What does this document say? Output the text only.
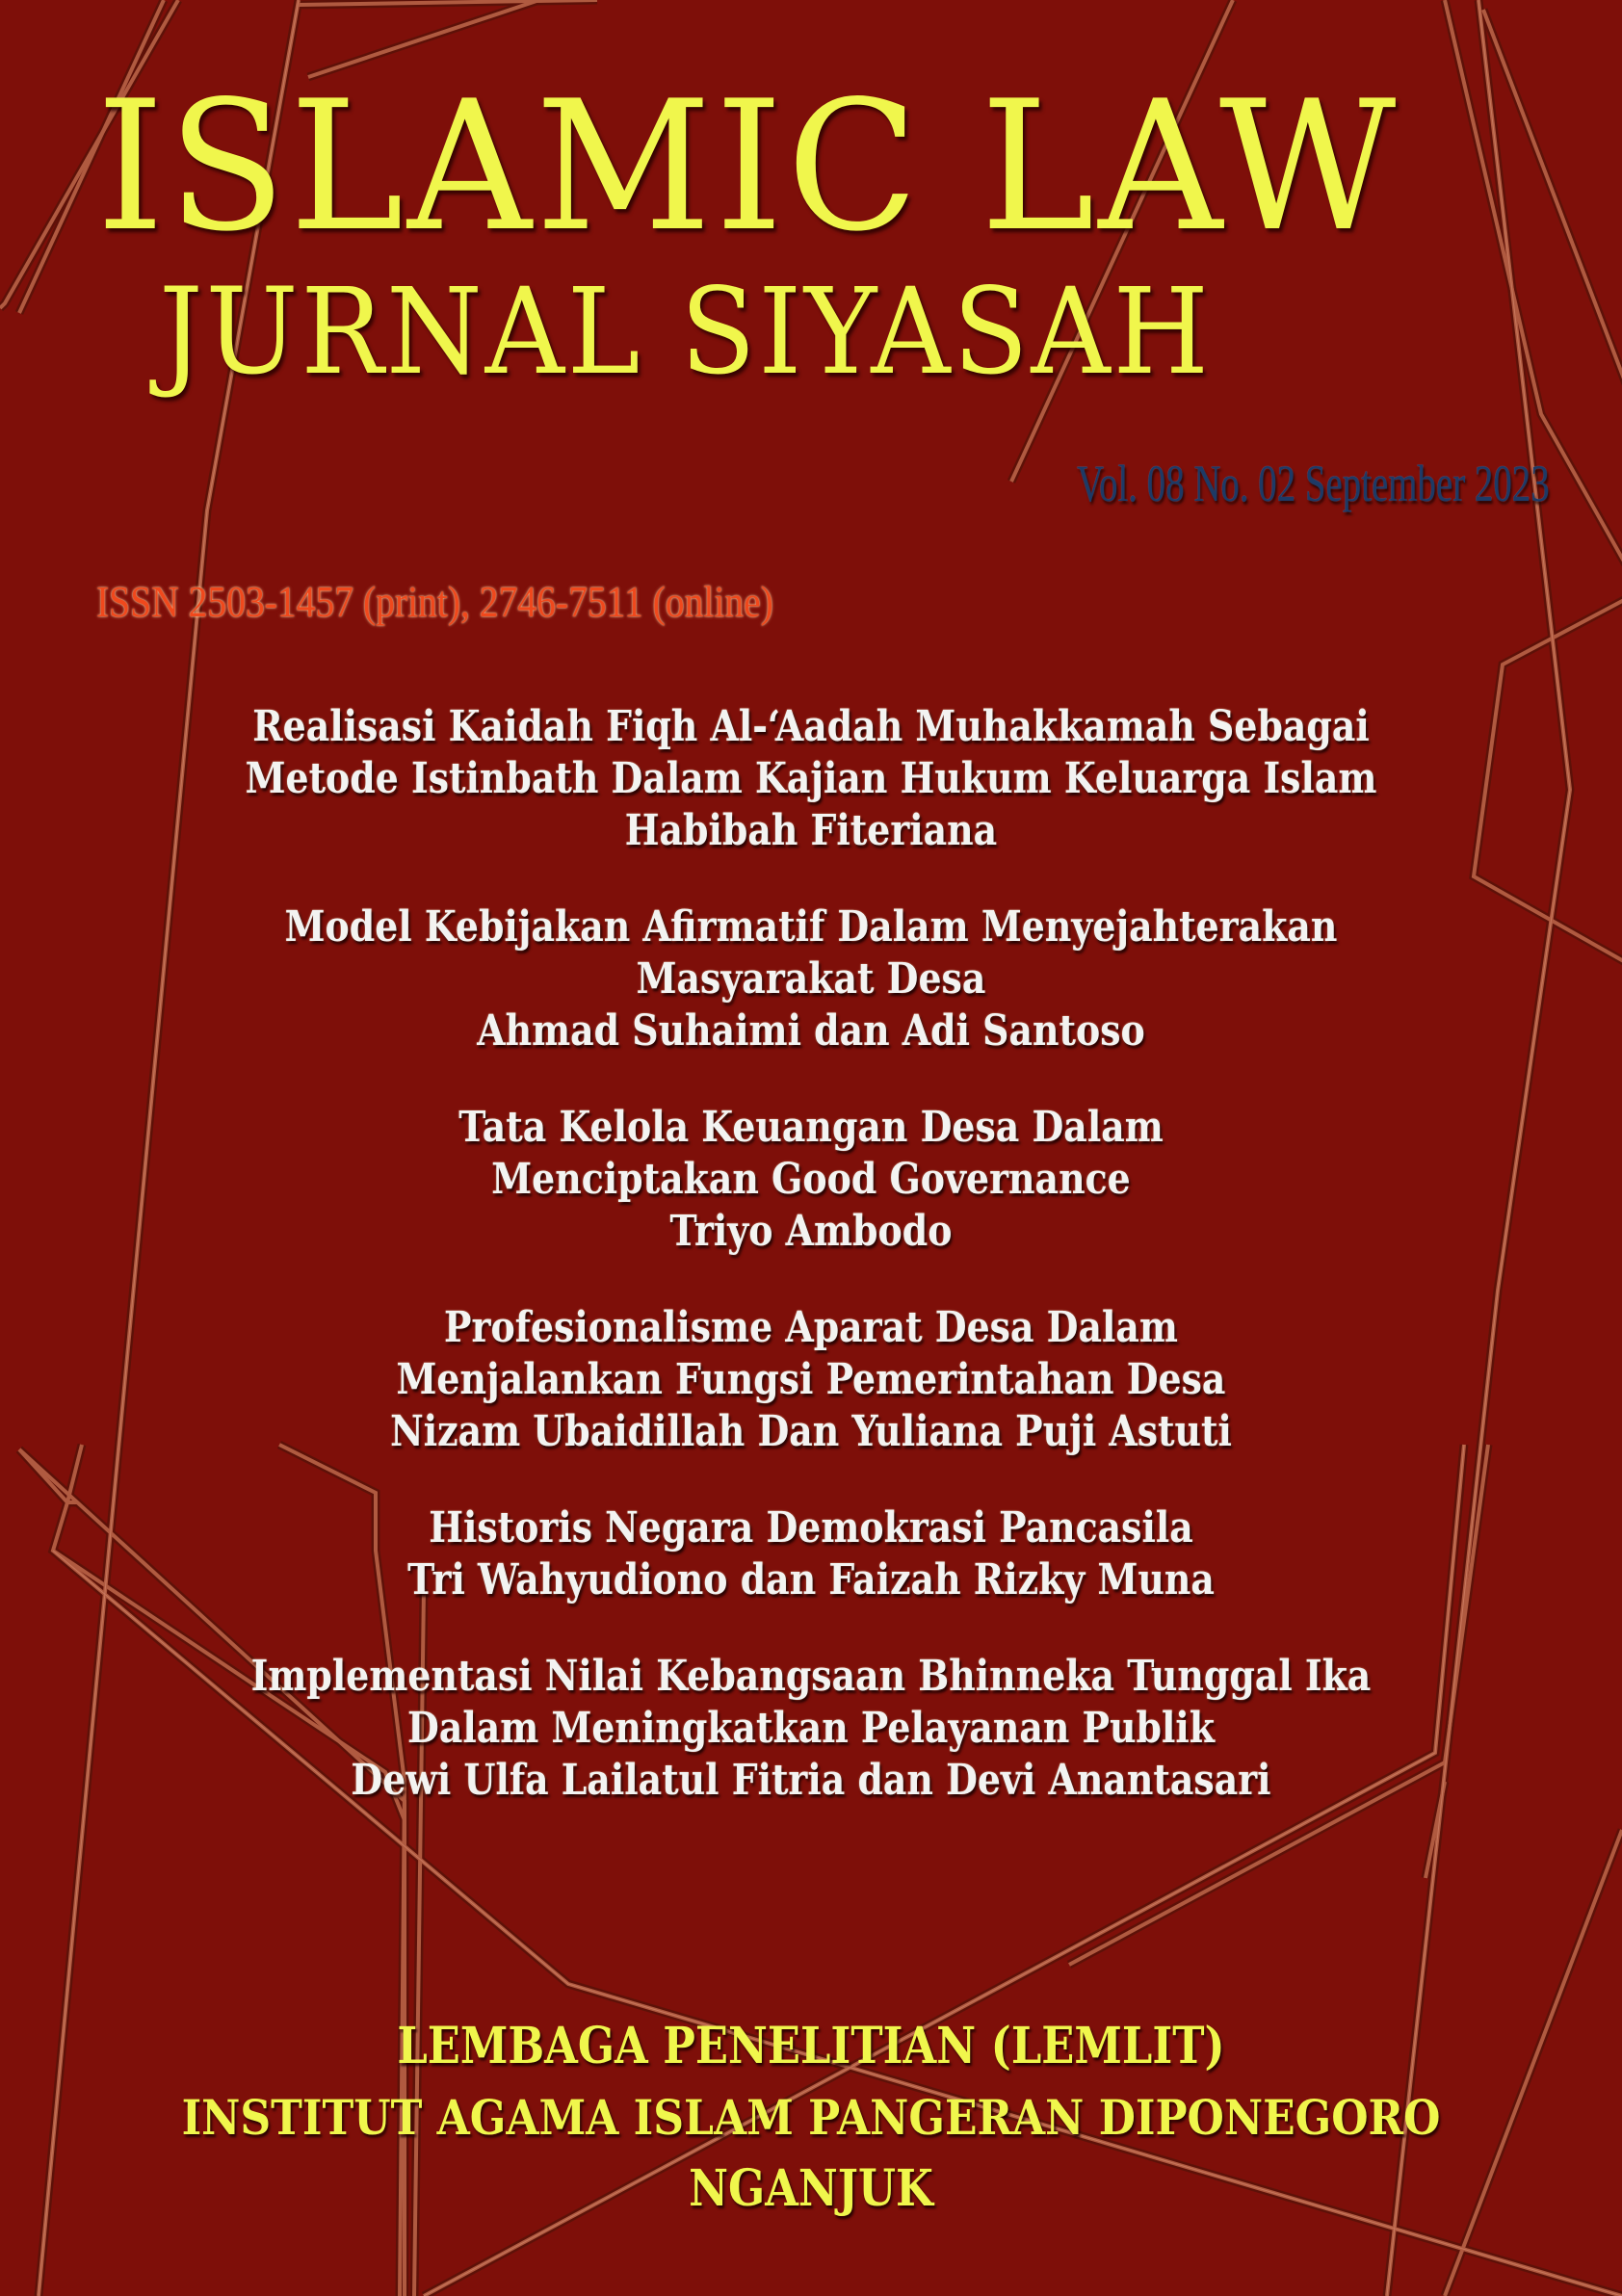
ISLAMIC LAW
JURNAL SIYASAH
Vol. 08 No. 02 September 2023
ISSN 2503-1457 (print), 2746-7511 (online)
Realisasi Kaidah Fiqh Al-‘Aadah Muhakkamah Sebagai
Metode Istinbath Dalam Kajian Hukum Keluarga Islam
Habibah Fiteriana
Model Kebijakan Afirmatif Dalam Menyejahterakan
Masyarakat Desa
Ahmad Suhaimi dan Adi Santoso
Tata Kelola Keuangan Desa Dalam
Menciptakan Good Governance
Triyo Ambodo
Profesionalisme Aparat Desa Dalam
Menjalankan Fungsi Pemerintahan Desa
Nizam Ubaidillah Dan Yuliana Puji Astuti
Historis Negara Demokrasi Pancasila
Tri Wahyudiono dan Faizah Rizky Muna
Implementasi Nilai Kebangsaan Bhinneka Tunggal Ika
Dalam Meningkatkan Pelayanan Publik
Dewi Ulfa Lailatul Fitria dan Devi Anantasari
LEMBAGA PENELITIAN (LEMLIT)
INSTITUT AGAMA ISLAM PANGERAN DIPONEGORO
NGANJUK
